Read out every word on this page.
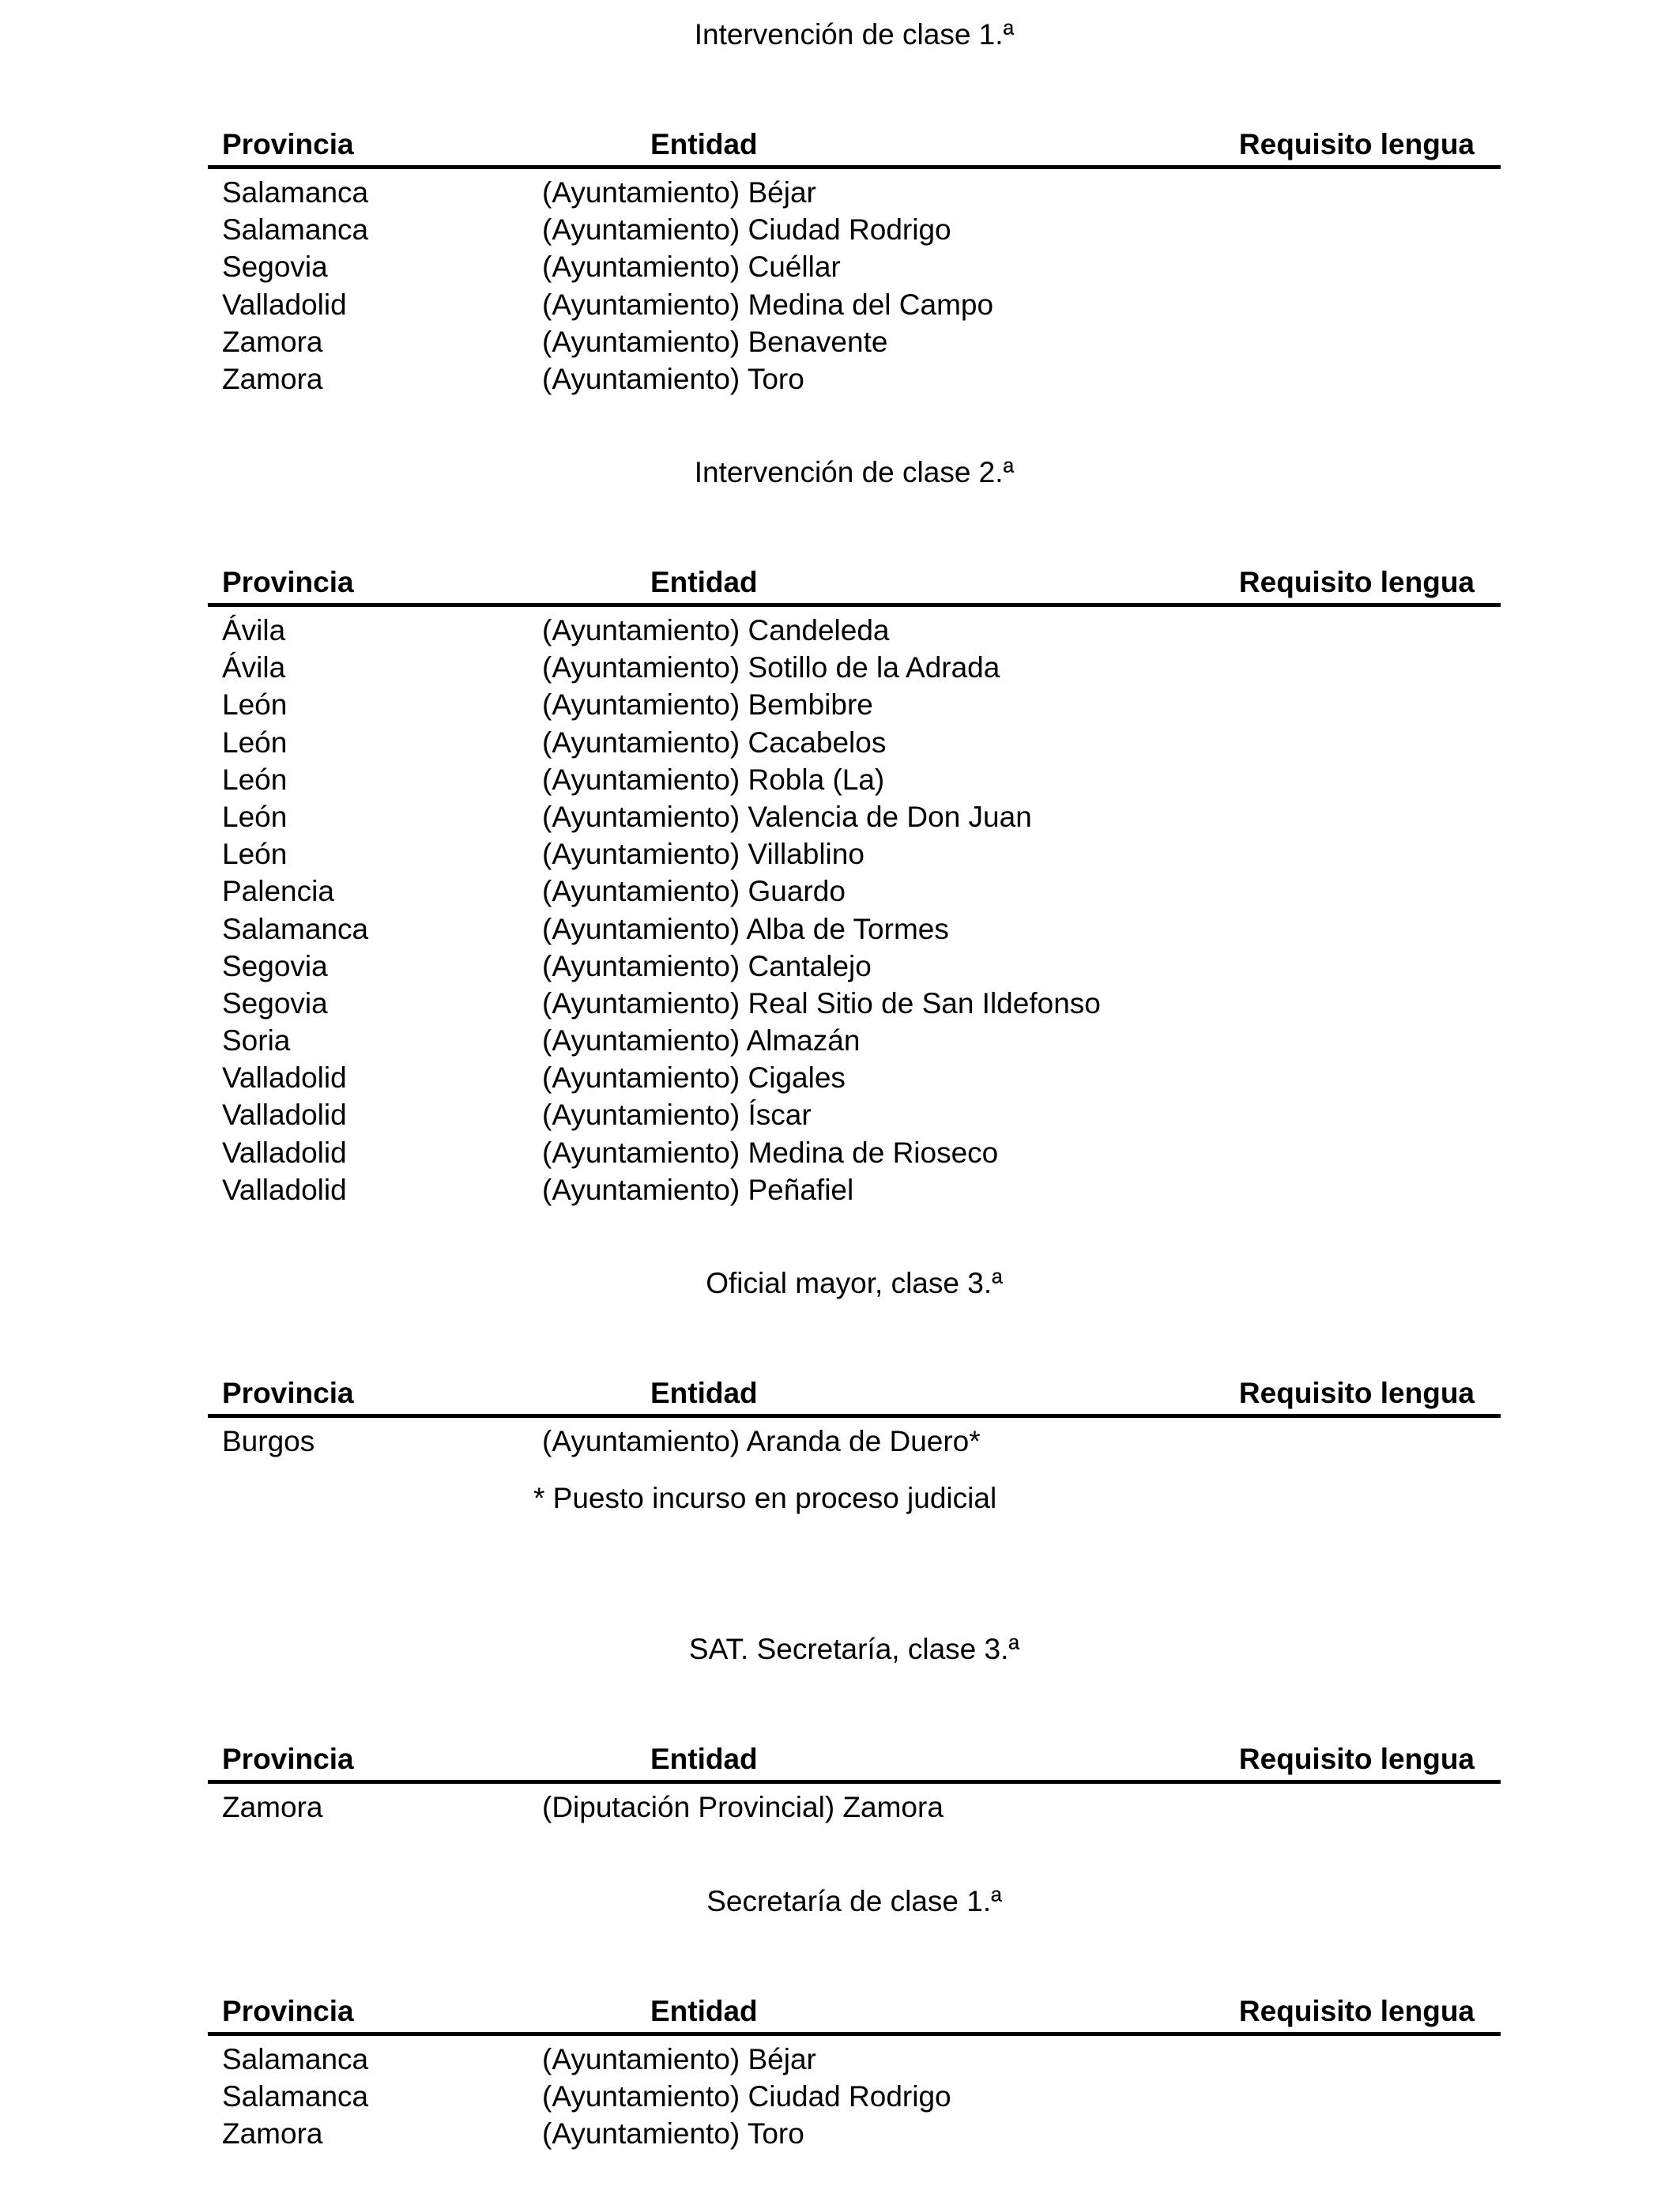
Intervención de clase 1.ª
Provincia	Entidad	Requisito lengua
Salamanca	(Ayuntamiento) Béjar
Salamanca	(Ayuntamiento) Ciudad Rodrigo
Segovia	(Ayuntamiento) Cuéllar
Valladolid	(Ayuntamiento) Medina del Campo
Zamora	(Ayuntamiento) Benavente
Zamora	(Ayuntamiento) Toro
Intervención de clase 2.ª
Provincia	Entidad	Requisito lengua
Ávila	(Ayuntamiento) Candeleda
Ávila	(Ayuntamiento) Sotillo de la Adrada
León	(Ayuntamiento) Bembibre
León	(Ayuntamiento) Cacabelos
León	(Ayuntamiento) Robla (La)
León	(Ayuntamiento) Valencia de Don Juan
León	(Ayuntamiento) Villablino
Palencia	(Ayuntamiento) Guardo
Salamanca	(Ayuntamiento) Alba de Tormes
Segovia	(Ayuntamiento) Cantalejo
Segovia	(Ayuntamiento) Real Sitio de San Ildefonso
Soria	(Ayuntamiento) Almazán
Valladolid	(Ayuntamiento) Cigales
Valladolid	(Ayuntamiento) Íscar
Valladolid	(Ayuntamiento) Medina de Rioseco
Valladolid	(Ayuntamiento) Peñafiel
Oficial mayor, clase 3.ª
Provincia	Entidad	Requisito lengua
Burgos	(Ayuntamiento) Aranda de Duero*
* Puesto incurso en proceso judicial
SAT. Secretaría, clase 3.ª
Provincia	Entidad	Requisito lengua
Zamora	(Diputación Provincial) Zamora
Secretaría de clase 1.ª
Provincia	Entidad	Requisito lengua
Salamanca	(Ayuntamiento) Béjar
Salamanca	(Ayuntamiento) Ciudad Rodrigo
Zamora	(Ayuntamiento) Toro
